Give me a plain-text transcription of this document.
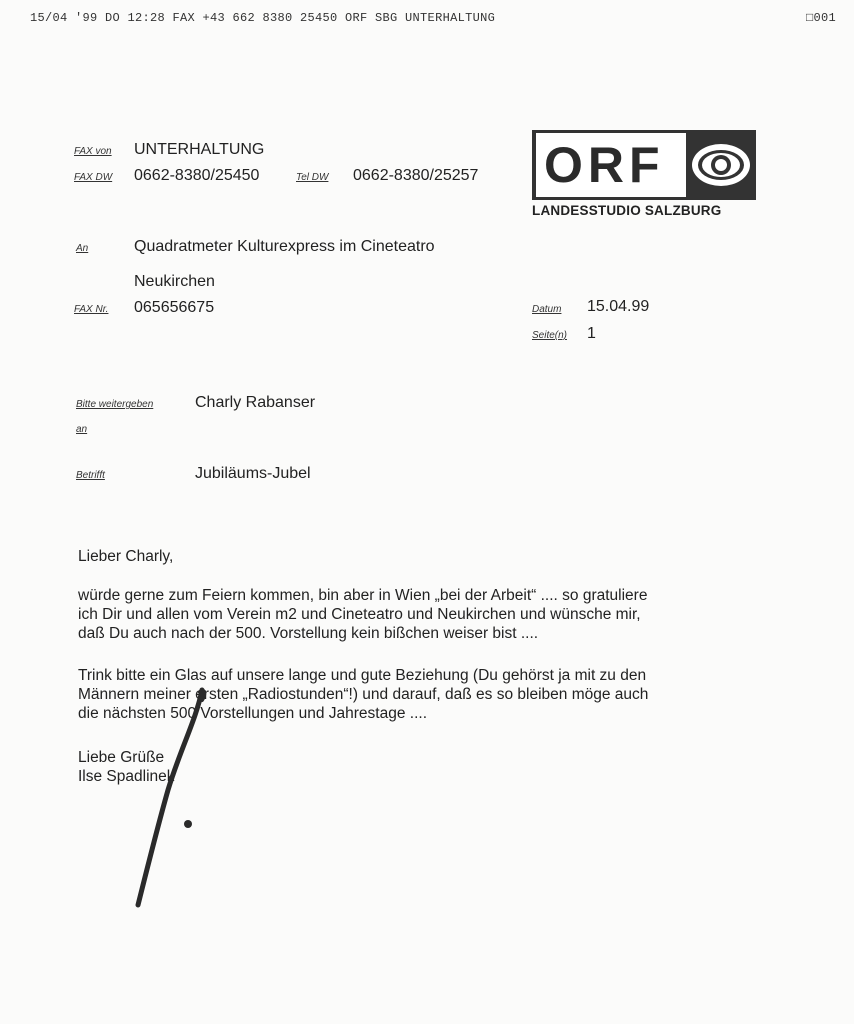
15/04 '99 DO 12:28 FAX +43 662 8380 25450 ORF SBG UNTERHALTUNG	□001
ORF
LANDESSTUDIO SALZBURG
FAX von UNTERHALTUNG
FAX DW 0662-8380/25450	Tel DW 0662-8380/25257
An	Quadratmeter Kulturexpress im Cineteatro
Neukirchen
FAX Nr. 065656675	Datum 15.04.99
Seite(n) 1
Bitte weitergeben
an
Charly Rabanser
Betrifft	Jubiläums-Jubel
Lieber Charly,
würde gerne zum Feiern kommen, bin aber in Wien „bei der Arbeit“ .... so gratuliere
ich Dir und allen vom Verein m2 und Cineteatro und Neukirchen und wünsche mir,
daß Du auch nach der 500. Vorstellung kein bißchen weiser bist ....
Trink bitte ein Glas auf unsere lange und gute Beziehung (Du gehörst ja mit zu den
Männern meiner ersten „Radiostunden“!) und darauf, daß es so bleiben möge auch
die nächsten 500 Vorstellungen und Jahrestage ....
Liebe Grüße
Ilse Spadlinek
